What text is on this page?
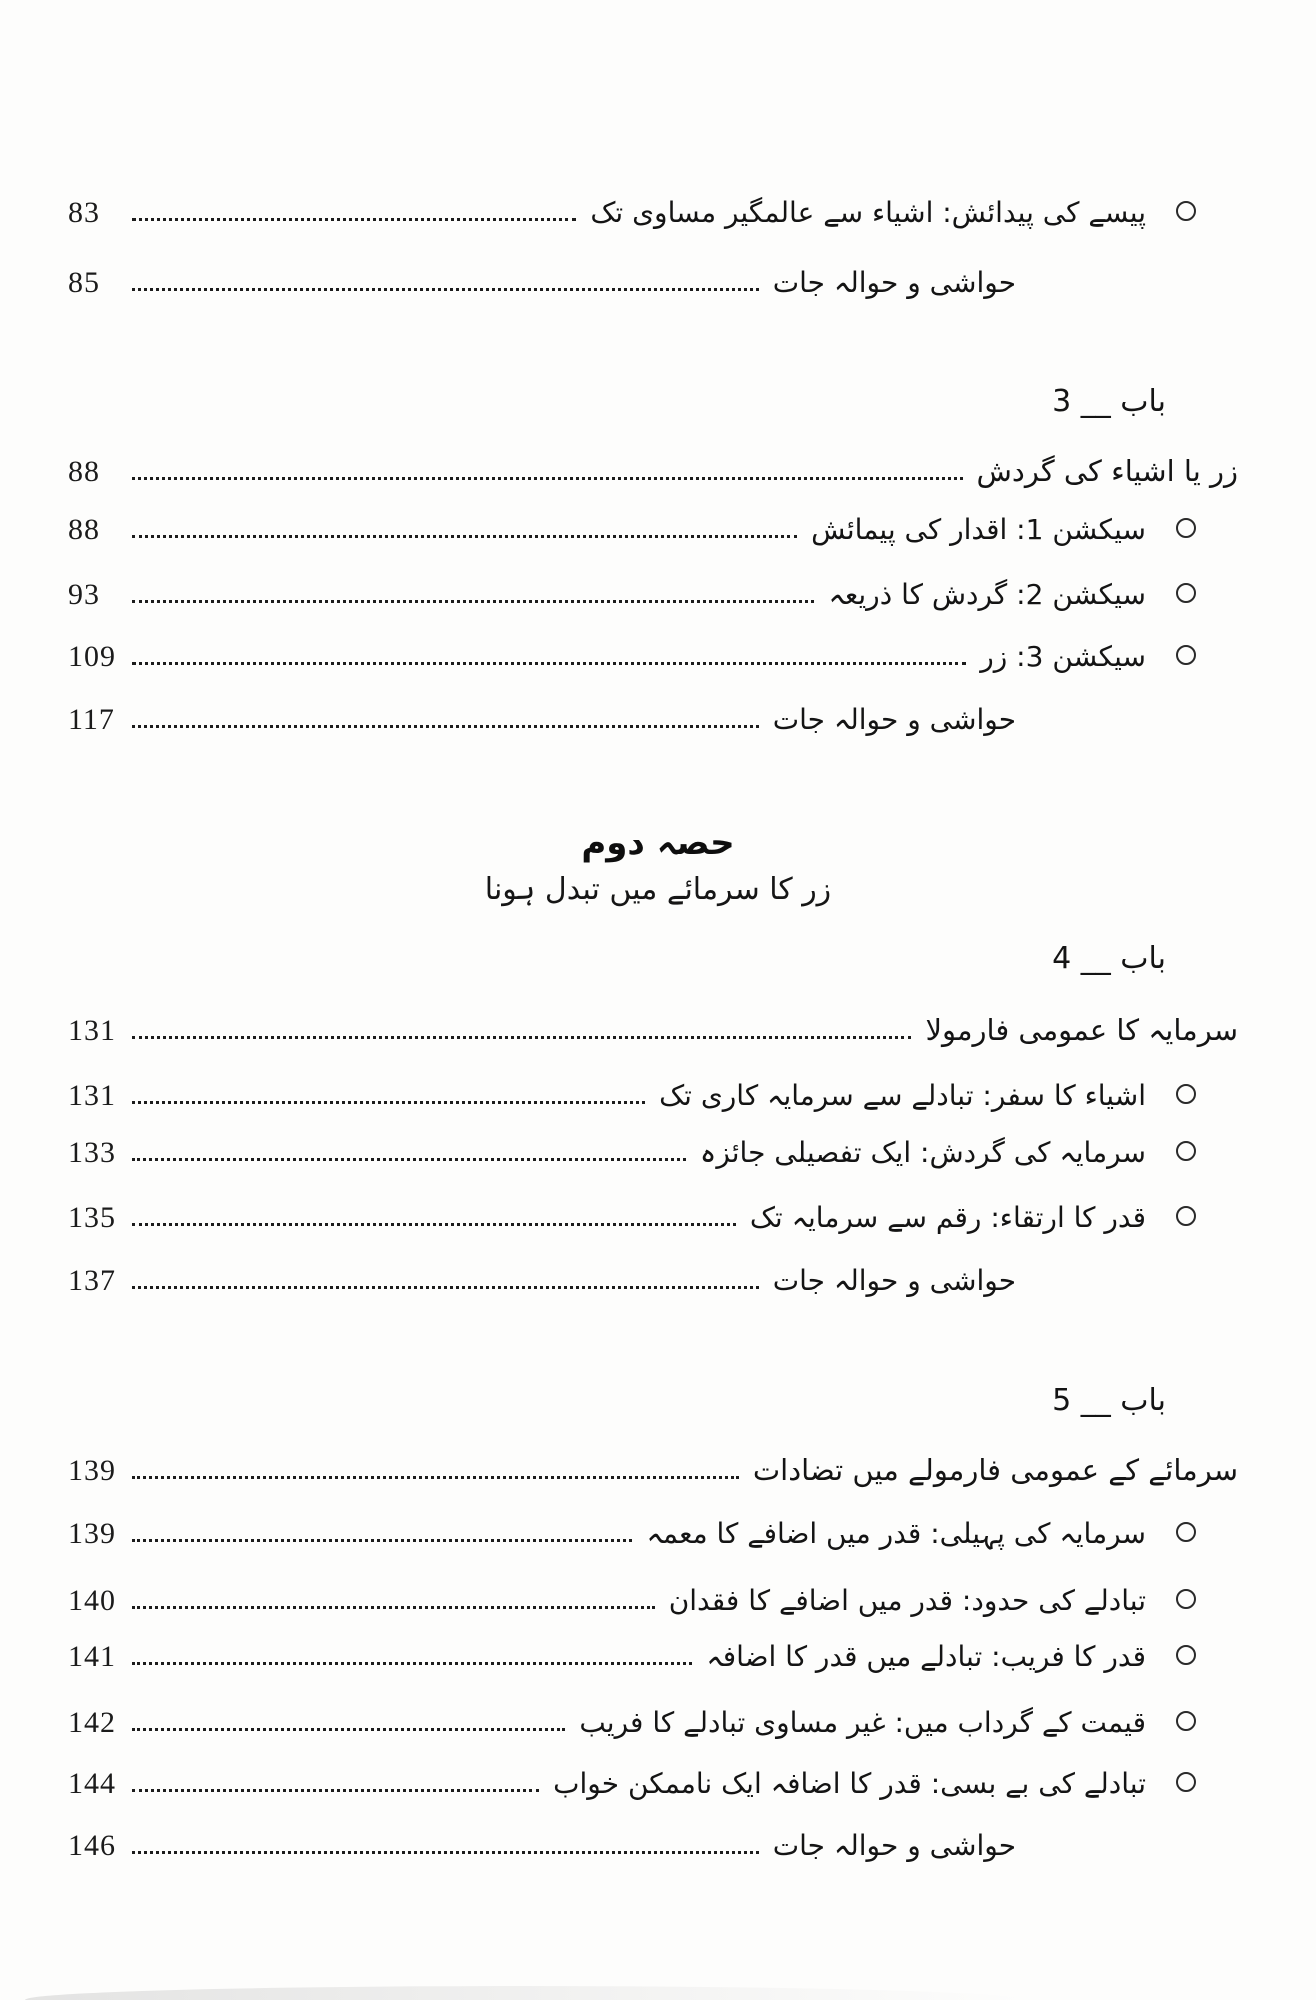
حصہ دوم
زر کا سرمائے میں تبدل ہونا
83	پیسے کی پیدائش: اشیاء سے عالمگیر مساوی تک
85	حواشی و حوالہ جات
باب __ 3
88	زر یا اشیاء کی گردش
88	سیکشن 1: اقدار کی پیمائش
93	سیکشن 2: گردش کا ذریعہ
109	سیکشن 3: زر
117	حواشی و حوالہ جات
باب __ 4
131	سرمایہ کا عمومی فارمولا
131	اشیاء کا سفر: تبادلے سے سرمایہ کاری تک
133	سرمایہ کی گردش: ایک تفصیلی جائزہ
135	قدر کا ارتقاء: رقم سے سرمایہ تک
137	حواشی و حوالہ جات
باب __ 5
139	سرمائے کے عمومی فارمولے میں تضادات
139	سرمایہ کی پہیلی: قدر میں اضافے کا معمہ
140	تبادلے کی حدود: قدر میں اضافے کا فقدان
141	قدر کا فریب: تبادلے میں قدر کا اضافہ
142	قیمت کے گرداب میں: غیر مساوی تبادلے کا فریب
144	تبادلے کی بے بسی: قدر کا اضافہ ایک ناممکن خواب
146	حواشی و حوالہ جات
